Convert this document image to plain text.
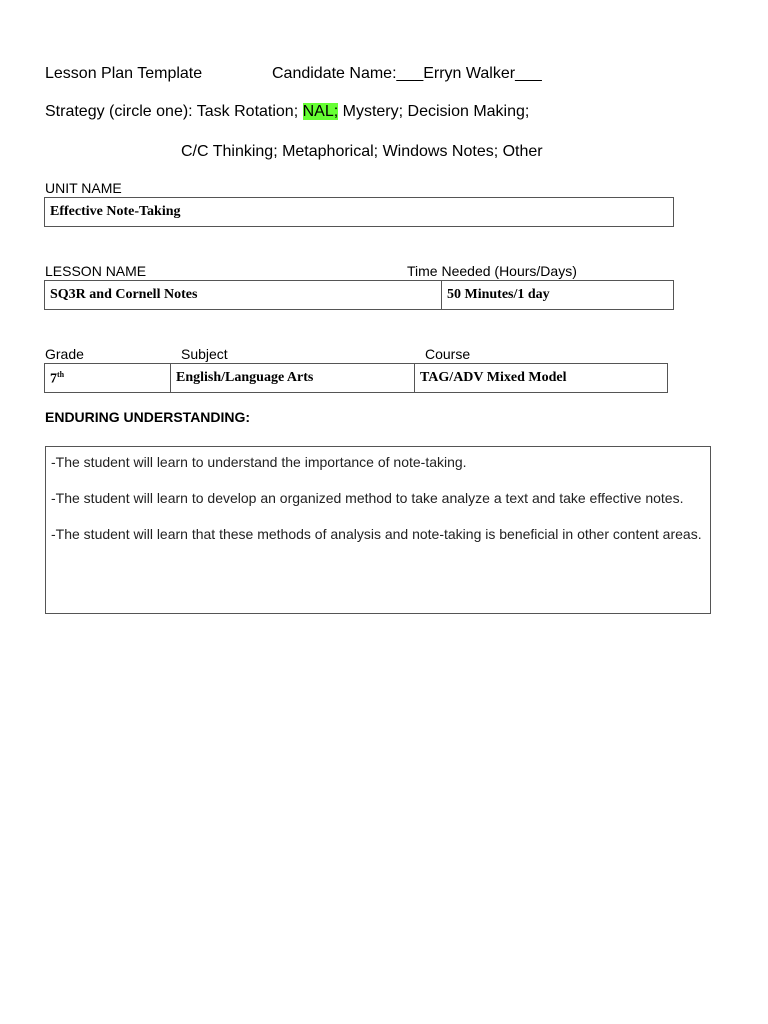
Lesson Plan Template	Candidate Name:___Erryn Walker___
Strategy (circle one): Task Rotation; NAL; Mystery; Decision Making;
C/C Thinking; Metaphorical; Windows Notes; Other
UNIT NAME
Effective Note-Taking
LESSON NAME	Time Needed (Hours/Days)
SQ3R and Cornell Notes	50 Minutes/1 day
Grade	Subject	Course
7th	English/Language Arts	TAG/ADV Mixed Model
ENDURING UNDERSTANDING:

-The student will learn to understand the importance of note-taking.

-The student will learn to develop an organized method to take analyze a text and take effective notes.

-The student will learn that these methods of analysis and note-taking is beneficial in other content areas.
